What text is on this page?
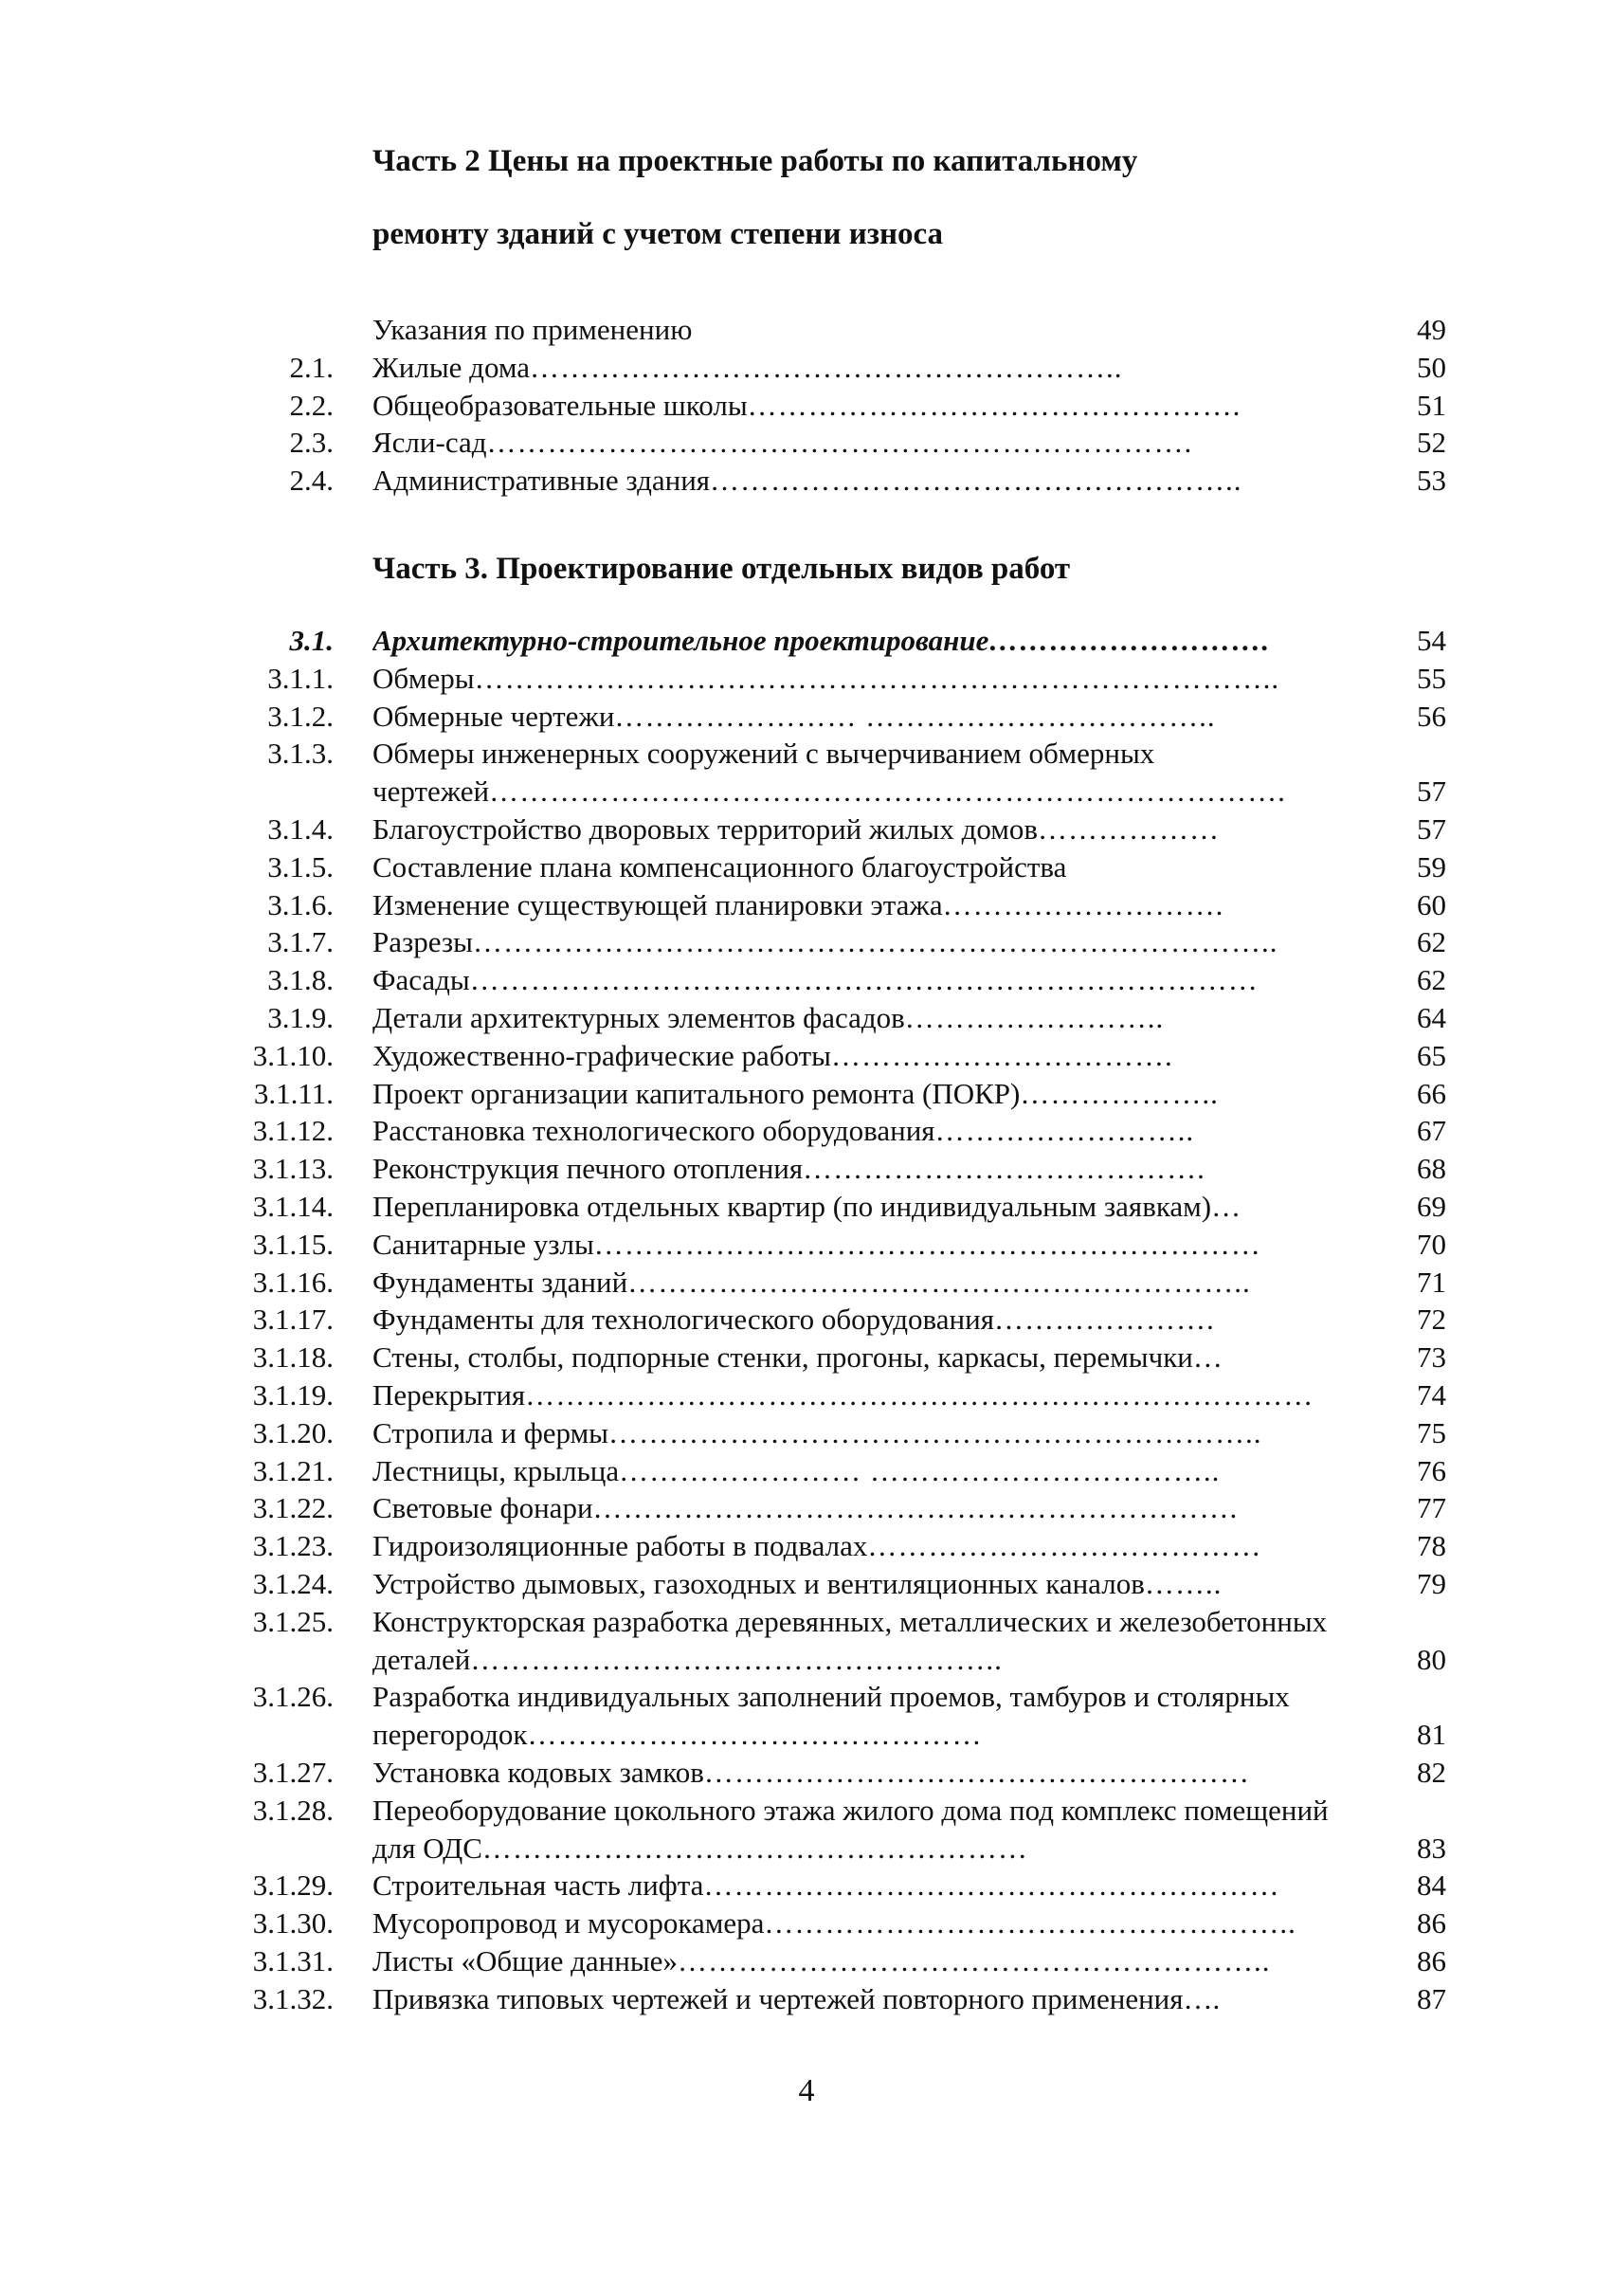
Часть 2 Цены на проектные работы по капитальному
ремонту зданий с учетом степени износа
Указания по применению	49
2.1. Жилые дома…………………………………………………..	50
2.2. Общеобразовательные школы………………………………………….	51
2.3. Ясли-сад…………………………………………………………….	52
2.4. Административные здания……………………………………………..	53
Часть 3. Проектирование отдельных видов работ
3.1. Архитектурно-строительное проектирование……………………….	54
3.1.1. Обмеры……………………………………………………………………..	55
3.1.2. Обмерные чертежи…………………… ……………………………..	56
3.1.3. Обмеры инженерных сооружений с вычерчиванием обмерных чертежей…………………………………………………………………….	57
3.1.4. Благоустройство дворовых территорий жилых домов………………	57
3.1.5. Составление плана компенсационного благоустройства	59
3.1.6. Изменение существующей планировки этажа……………………….	60
3.1.7. Разрезы……………………………………………………………………..	62
3.1.8. Фасады……………………………………………………………………	62
3.1.9. Детали архитектурных элементов фасадов……………………..	64
3.1.10. Художественно-графические работы…………………………….	65
3.1.11. Проект организации капитального ремонта (ПОКР)………………..	66
3.1.12. Расстановка технологического оборудования……………………..	67
3.1.13. Реконструкция печного отопления………………………………….	68
3.1.14. Перепланировка отдельных квартир (по индивидуальным заявкам)…	69
3.1.15. Санитарные узлы…………………………………………………………	70
3.1.16. Фундаменты зданий……………………………………………………..	71
3.1.17. Фундаменты для технологического оборудования………………….	72
3.1.18. Стены, столбы, подпорные стенки, прогоны, каркасы, перемычки…	73
3.1.19. Перекрытия……………………………………………………………………	74
3.1.20. Стропила и фермы………………………………………………………..	75
3.1.21. Лестницы, крыльца…………………… ……………………………..	76
3.1.22. Световые фонари……………………………………………………….	77
3.1.23. Гидроизоляционные работы в подвалах…………………………………	78
3.1.24. Устройство дымовых, газоходных и вентиляционных каналов……..	79
3.1.25. Конструкторская разработка деревянных, металлических и железобетонных деталей……………………………………………..	80
3.1.26. Разработка индивидуальных заполнений проемов, тамбуров и столярных перегородок………………………………………	81
3.1.27. Установка кодовых замков………………………………………………	82
3.1.28. Переоборудование цокольного этажа жилого дома под комплекс помещений для ОДС………………………………………………	83
3.1.29. Строительная часть лифта…………………………………………………	84
3.1.30. Мусоропровод и мусорокамера……………………………………………..	86
3.1.31. Листы «Общие данные»…………………………………………………..	86
3.1.32. Привязка типовых чертежей и чертежей повторного применения….	87
4
